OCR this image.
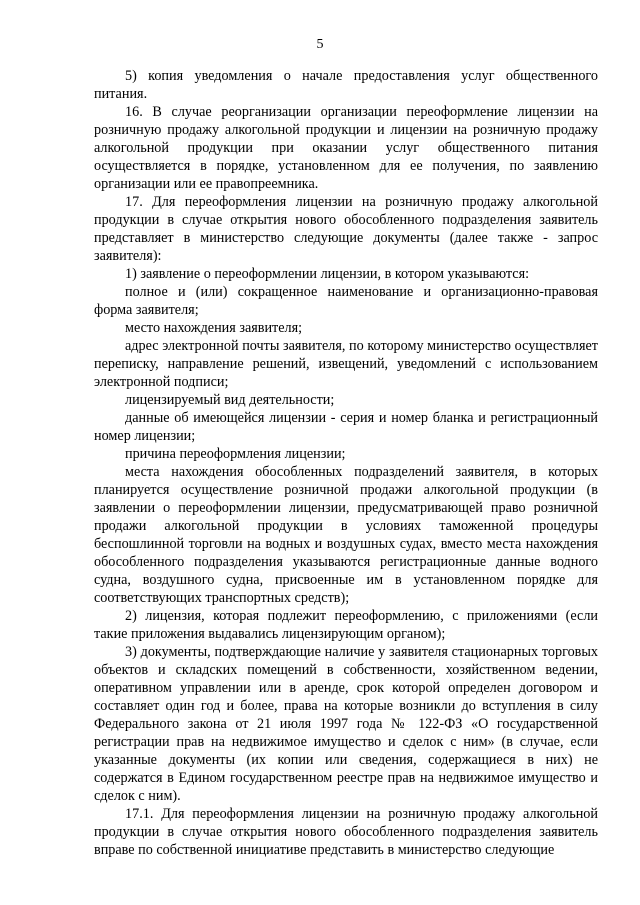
5

5) копия уведомления о начале предоставления услуг общественного питания.

16. В случае реорганизации организации переоформление лицензии на розничную продажу алкогольной продукции и лицензии на розничную продажу алкогольной продукции при оказании услуг общественного питания осуществляется в порядке, установленном для ее получения, по заявлению организации или ее правопреемника.

17. Для переоформления лицензии на розничную продажу алкогольной продукции в случае открытия нового обособленного подразделения заявитель представляет в министерство следующие документы (далее также - запрос заявителя):

1) заявление о переоформлении лицензии, в котором указываются:

полное и (или) сокращенное наименование и организационно-правовая форма заявителя;

место нахождения заявителя;

адрес электронной почты заявителя, по которому министерство осуществляет переписку, направление решений, извещений, уведомлений с использованием электронной подписи;

лицензируемый вид деятельности;

данные об имеющейся лицензии - серия и номер бланка и регистрационный номер лицензии;

причина переоформления лицензии;

места нахождения обособленных подразделений заявителя, в которых планируется осуществление розничной продажи алкогольной продукции (в заявлении о переоформлении лицензии, предусматривающей право розничной продажи алкогольной продукции в условиях таможенной процедуры беспошлинной торговли на водных и воздушных судах, вместо места нахождения обособленного подразделения указываются регистрационные данные водного судна, воздушного судна, присвоенные им в установленном порядке для соответствующих транспортных средств);

2) лицензия, которая подлежит переоформлению, с приложениями (если такие приложения выдавались лицензирующим органом);

3) документы, подтверждающие наличие у заявителя стационарных торговых объектов и складских помещений в собственности, хозяйственном ведении, оперативном управлении или в аренде, срок которой определен договором и составляет один год и более, права на которые возникли до вступления в силу Федерального закона от 21 июля 1997 года № 122-ФЗ «О государственной регистрации прав на недвижимое имущество и сделок с ним» (в случае, если указанные документы (их копии или сведения, содержащиеся в них) не содержатся в Едином государственном реестре прав на недвижимое имущество и сделок с ним).

17.1. Для переоформления лицензии на розничную продажу алкогольной продукции в случае открытия нового обособленного подразделения заявитель вправе по собственной инициативе представить в министерство следующие
